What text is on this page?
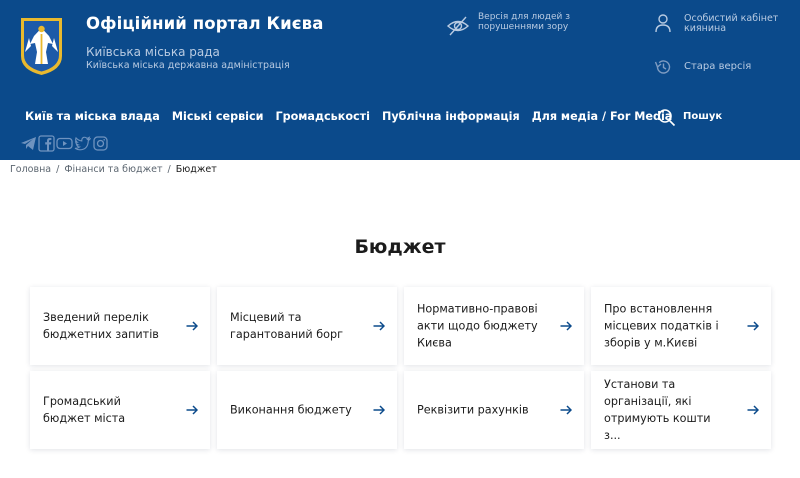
Офіційний портал Києва
Київська міська рада
Київська міська державна адміністрація
Версія для людей з порушеннями зору
Особистий кабінет киянина
Стара версія
Київ та міська влада Міські сервіси Громадськості Публічна інформація Для медіа / For Media Пошук
Головна / Фінанси та бюджет / Бюджет
Бюджет
Зведений перелік бюджетних запитів
Місцевий та гарантований борг
Нормативно-правові акти щодо бюджету Києва
Про встановлення місцевих податків і зборів у м.Києві
Громадський бюджет міста
Виконання бюджету	Реквізити рахунків
Установи та організації, які отримують кошти з...
